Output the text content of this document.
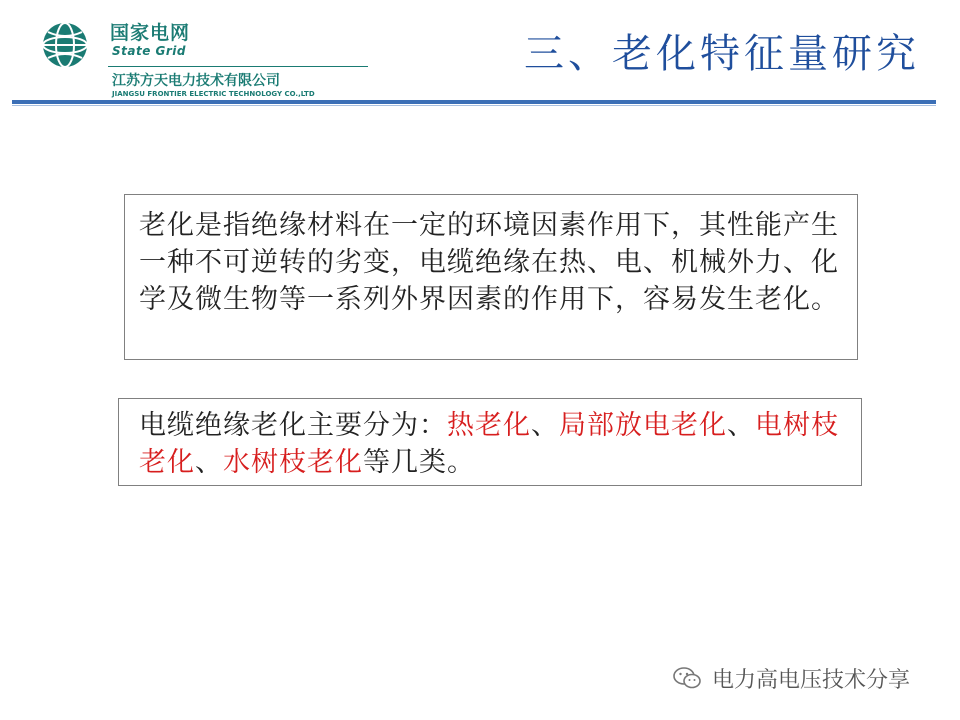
国家电网
State Grid
江苏方天电力技术有限公司
JIANGSU FRONTIER ELECTRIC TECHNOLOGY CO.,LTD
三、老化特征量研究

老化是指绝缘材料在一定的环境因素作用下，其性能产生一种不可逆转的劣变，电缆绝缘在热、电、机械外力、化学及微生物等一系列外界因素的作用下，容易发生老化。

电缆绝缘老化主要分为：热老化、局部放电老化、电树枝老化、水树枝老化等几类。

电力高电压技术分享
